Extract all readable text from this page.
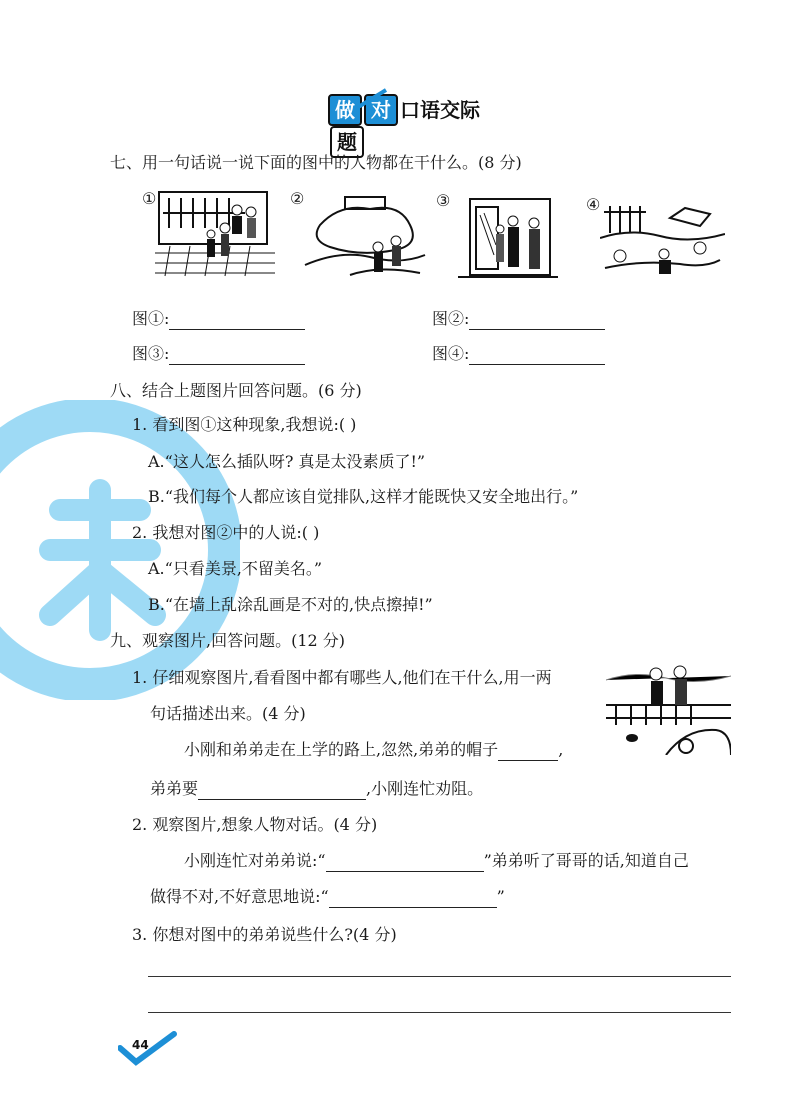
做 对 口语交际题
七、用一句话说一说下面的图中的人物都在干什么。(8 分)
①	②	③	④
图①:	图②:
图③:	图④:
八、结合上题图片回答问题。(6 分)
1. 看到图①这种现象,我想说:( )
A.“这人怎么插队呀? 真是太没素质了!”
B.“我们每个人都应该自觉排队,这样才能既快又安全地出行。”
2. 我想对图②中的人说:( )
A.“只看美景,不留美名。”
B.“在墙上乱涂乱画是不对的,快点擦掉!”
九、观察图片,回答问题。(12 分)
1. 仔细观察图片,看看图中都有哪些人,他们在干什么,用一两
句话描述出来。(4 分)
小刚和弟弟走在上学的路上,忽然,弟弟的帽子	,
弟弟要	,小刚连忙劝阻。
2. 观察图片,想象人物对话。(4 分)
小刚连忙对弟弟说:“	”弟弟听了哥哥的话,知道自己
做得不对,不好意思地说:“	”
3. 你想对图中的弟弟说些什么?(4 分)
44
